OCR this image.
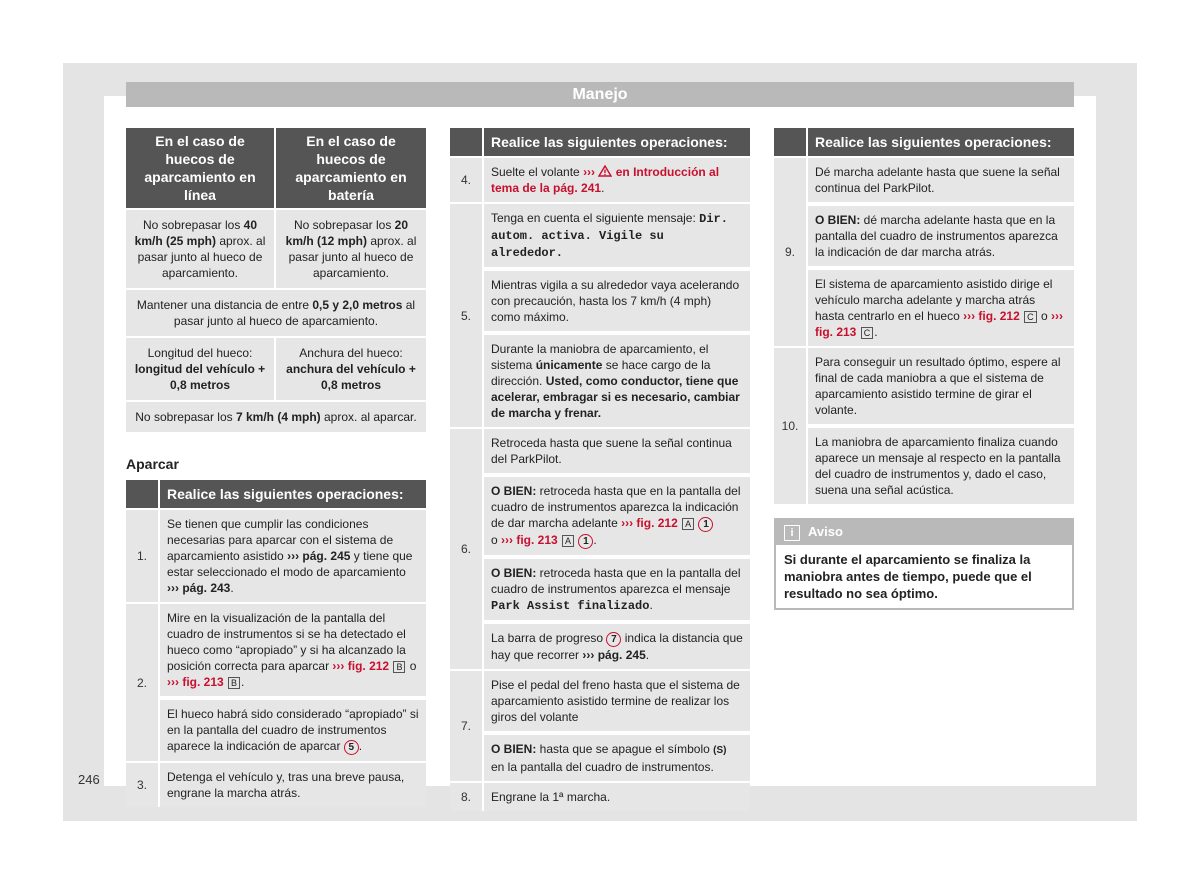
Manejo
En el caso de huecos de aparcamiento en línea	En el caso de huecos de aparcamiento en batería
No sobrepasar los 40 km/h (25 mph) aprox. al pasar junto al hueco de aparcamiento.	No sobrepasar los 20 km/h (12 mph) aprox. al pasar junto al hueco de aparcamiento.
Mantener una distancia de entre 0,5 y 2,0 metros al pasar junto al hueco de aparcamiento.	
Longitud del hueco: longitud del vehículo + 0,8 metros	Anchura del hueco: anchura del vehículo + 0,8 metros
No sobrepasar los 7 km/h (4 mph) aprox. al aparcar.	
Aparcar
	Realice las siguientes operaciones:
1.	Se tienen que cumplir las condiciones necesarias para aparcar con el sistema de aparcamiento asistido ››› pág. 245 y tiene que estar seleccionado el modo de aparcamiento ››› pág. 243.
2.	Mire en la visualización de la pantalla del cuadro de instrumentos si se ha detectado el hueco como “apropiado” y si ha alcanzado la posición correcta para aparcar ››› fig. 212 B o ››› fig. 213 B .
	El hueco habrá sido considerado “apropiado” si en la pantalla del cuadro de instrumentos aparece la indicación de aparcar 5 .
3.	Detenga el vehículo y, tras una breve pausa, engrane la marcha atrás.
	Realice las siguientes operaciones:
4.	Suelte el volante ›››  en Introducción al tema de la pág. 241.
5.	Tenga en cuenta el siguiente mensaje: Dir. autom. activa. Vigile su alrededor.
	Mientras vigila a su alrededor vaya acelerando con precaución, hasta los 7 km/h (4 mph) como máximo.
	Durante la maniobra de aparcamiento, el sistema únicamente se hace cargo de la dirección. Usted, como conductor, tiene que acelerar, embragar si es necesario, cambiar de marcha y frenar.
6.	Retroceda hasta que suene la señal continua del ParkPilot.
	O BIEN: retroceda hasta que en la pantalla del cuadro de instrumentos aparezca la indicación de dar marcha adelante ››› fig. 212 A 1
o ››› fig. 213 A 1 .
	O BIEN: retroceda hasta que en la pantalla del cuadro de instrumentos aparezca el mensaje Park Assist finalizado.
	La barra de progreso 7 indica la distancia que hay que recorrer ››› pág. 245.
7.	Pise el pedal del freno hasta que el sistema de aparcamiento asistido termine de realizar los giros del volante
	O BIEN: hasta que se apague el símbolo (S) en la pantalla del cuadro de instrumentos.
8.	Engrane la 1ª marcha.
	Realice las siguientes operaciones:
9.	Dé marcha adelante hasta que suene la señal continua del ParkPilot.
	O BIEN: dé marcha adelante hasta que en la pantalla del cuadro de instrumentos aparezca la indicación de dar marcha atrás.
	El sistema de aparcamiento asistido dirige el vehículo marcha adelante y marcha atrás hasta centrarlo en el hueco ››› fig. 212 C o ››› fig. 213 C .
10.	Para conseguir un resultado óptimo, espere al final de cada maniobra a que el sistema de aparcamiento asistido termine de girar el volante.
	La maniobra de aparcamiento finaliza cuando aparece un mensaje al respecto en la pantalla del cuadro de instrumentos y, dado el caso, suena una señal acústica.
i Aviso
Si durante el aparcamiento se finaliza la maniobra antes de tiempo, puede que el resultado no sea óptimo.
246
